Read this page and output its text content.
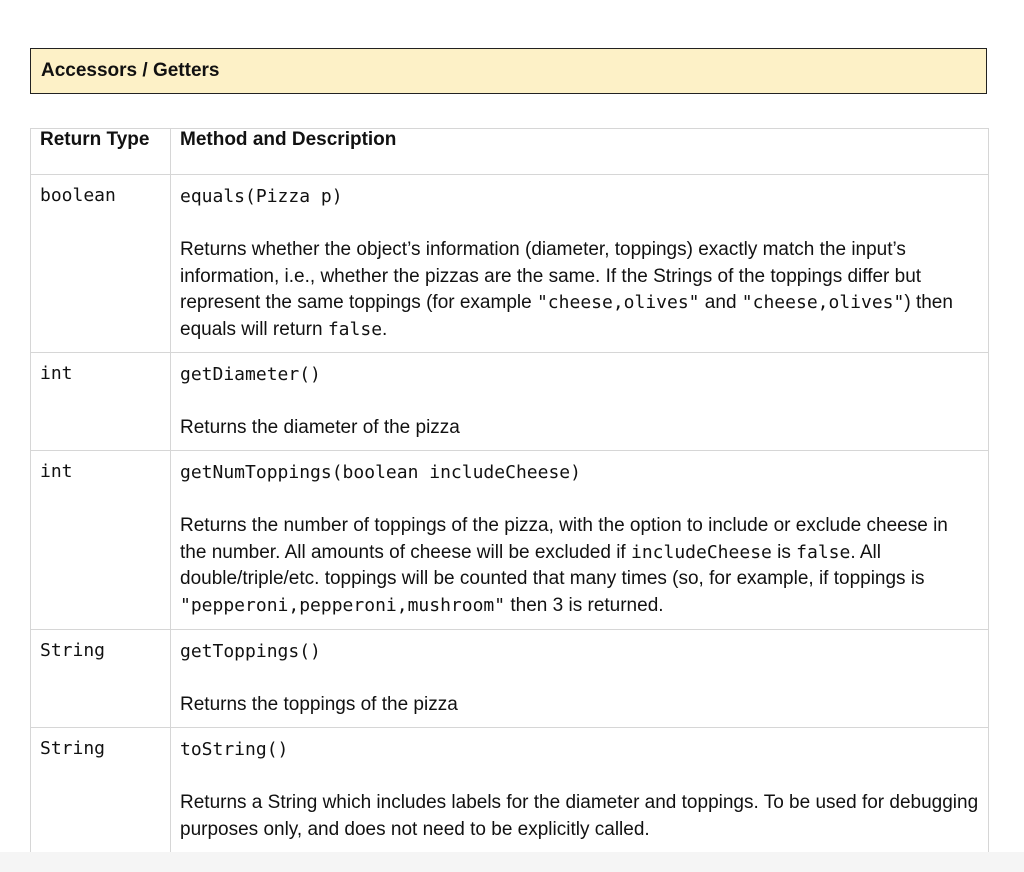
Accessors / Getters
Return Type	Method and Description
boolean	equals(Pizza p)
Returns whether the object’s information (diameter, toppings) exactly match the input’s information, i.e., whether the pizzas are the same. If the Strings of the toppings differ but represent the same toppings (for example "cheese,olives" and "cheese,olives") then equals will return false.

int	getDiameter()
Returns the diameter of the pizza

int	getNumToppings(boolean includeCheese)
Returns the number of toppings of the pizza, with the option to include or exclude cheese in the number. All amounts of cheese will be excluded if includeCheese is false. All double/triple/etc. toppings will be counted that many times (so, for example, if toppings is "pepperoni,pepperoni,mushroom" then 3 is returned.

String	getToppings()
Returns the toppings of the pizza

String	toString()
Returns a String which includes labels for the diameter and toppings. To be used for debugging purposes only, and does not need to be explicitly called.
